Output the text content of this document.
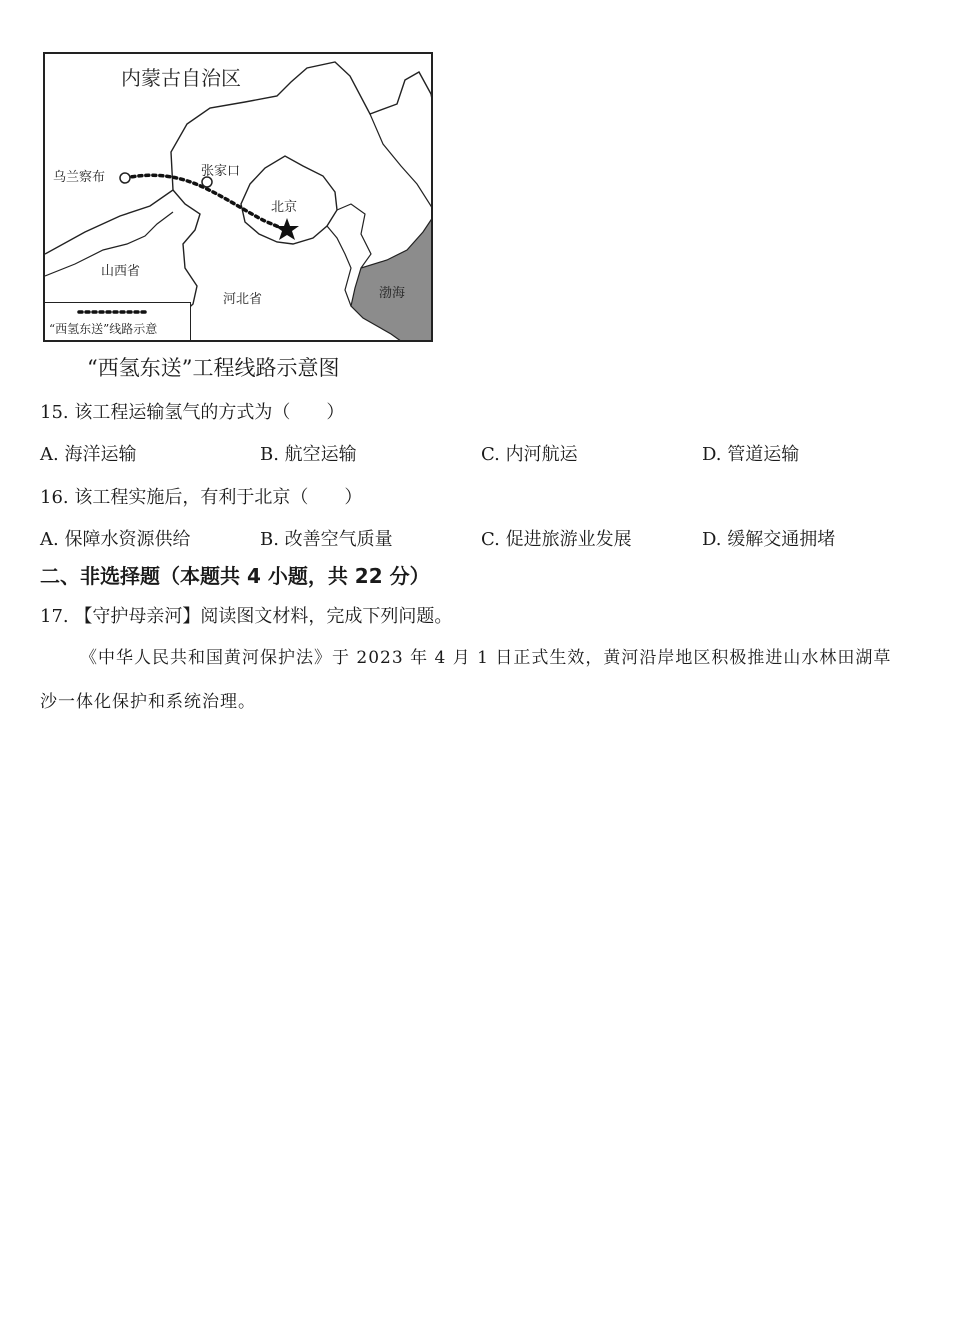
内蒙古自治区
乌兰察布	张家口
北京
山西省
河北省	渤海
“西氢东送”线路示意
“西氢东送”工程线路示意图
15. 该工程运输氢气的方式为（　　）
A. 海洋运输	B. 航空运输	C. 内河航运	D. 管道运输
16. 该工程实施后，有利于北京（　　）
A. 保障水资源供给	B. 改善空气质量	C. 促进旅游业发展	D. 缓解交通拥堵
二、非选择题（本题共 4 小题，共 22 分）
17. 【守护母亲河】阅读图文材料，完成下列问题。
《中华人民共和国黄河保护法》于 2023 年 4 月 1 日正式生效，黄河沿岸地区积极推进山水林田湖草
沙一体化保护和系统治理。
